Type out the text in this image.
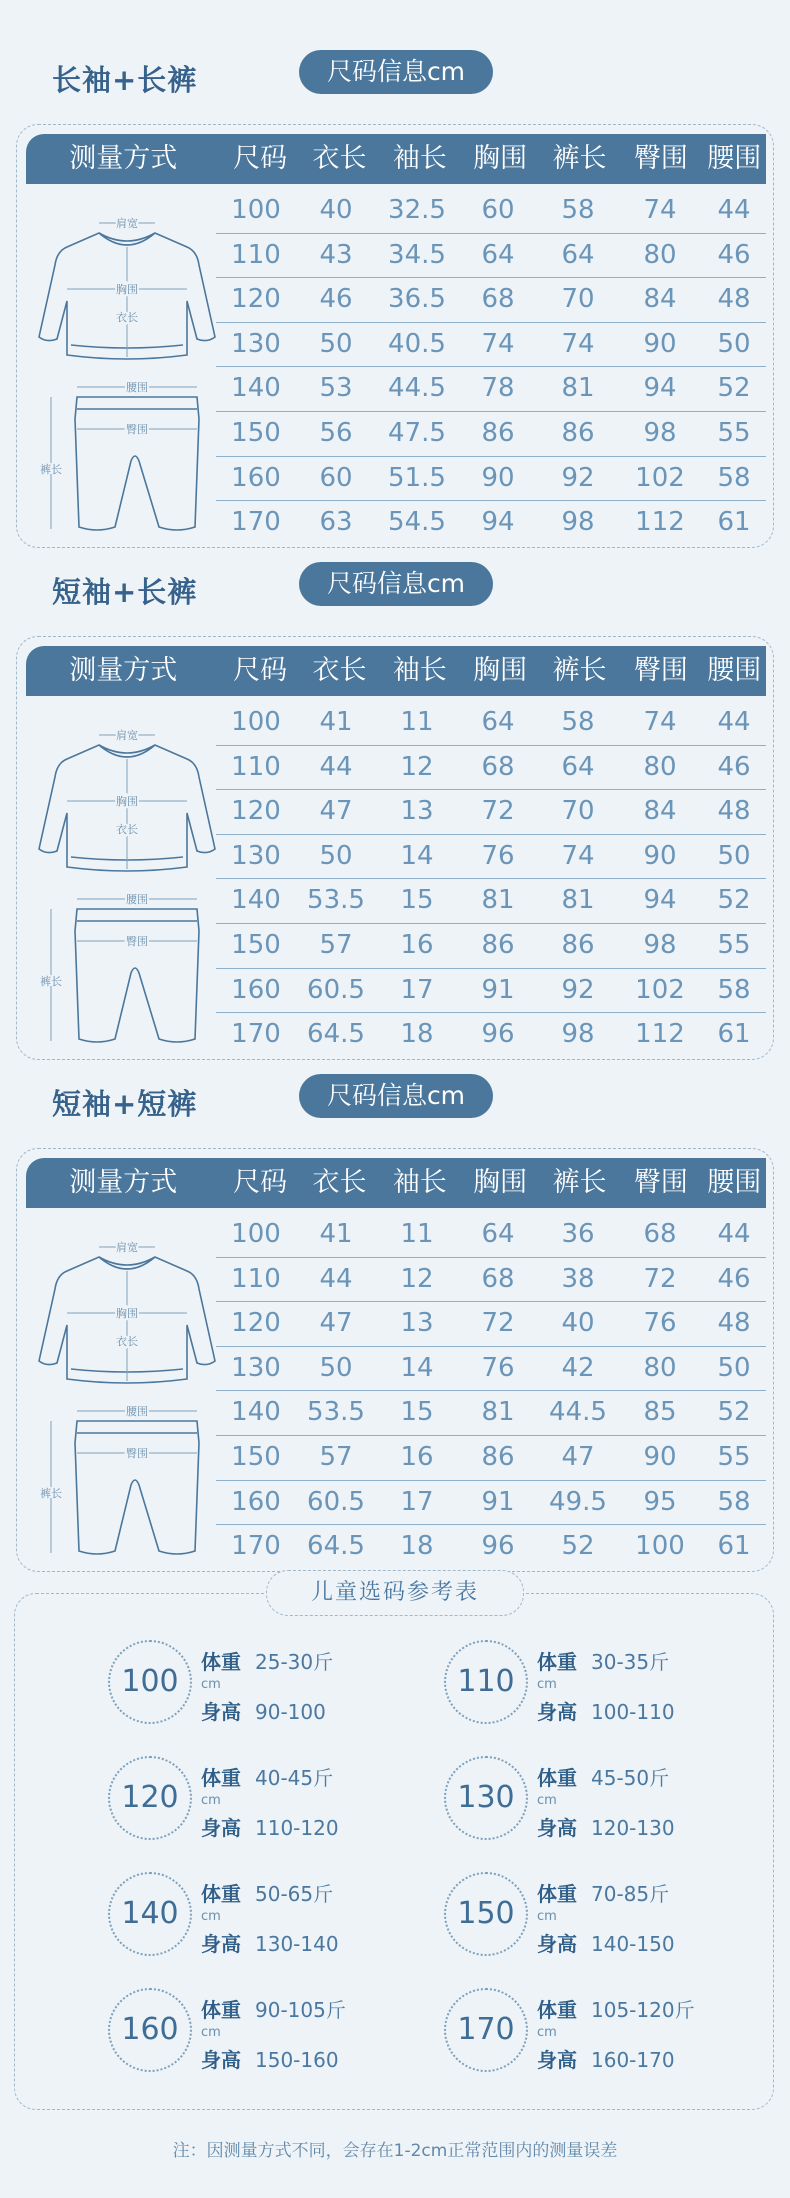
长袖+长裤	尺码信息cm
测量方式	尺码 衣长 袖长 胸围 裤长	臀围 腰围
肩宽
胸围
衣长
腰围
臀围
裤长
100	40	32.5	60	58	74	44
110	43	34.5	64	64	80	46
120	46	36.5	68	70	84	48
130	50	40.5	74	74	90	50
140	53	44.5	78	81	94	52
150	56	47.5	86	86	98	55
160	60	51.5	90	92	102	58
170	63	54.5	94	98	112	61
短袖+长裤	尺码信息cm
测量方式	尺码 衣长 袖长 胸围 裤长	臀围 腰围
肩宽
胸围
衣长
腰围
臀围
裤长
100	41	11	64	58	74	44
110	44	12	68	64	80	46
120	47	13	72	70	84	48
130	50	14	76	74	90	50
140	53.5	15	81	81	94	52
150	57	16	86	86	98	55
160	60.5	17	91	92	102	58
170	64.5	18	96	98	112	61
短袖+短裤	尺码信息cm
测量方式	尺码 衣长 袖长 胸围 裤长	臀围 腰围
肩宽
胸围
衣长
腰围
臀围
裤长
100	41	11	64	36	68	44
110	44	12	68	38	72	46
120	47	13	72	40	76	48
130	50	14	76	42	80	50
140	53.5	15	81	44.5	85	52
150	57	16	86	47	90	55
160	60.5	17	91	49.5	95	58
170	64.5	18	96	52	100	61
儿童选码参考表
100
体重 25-30斤
cm
身高 90-100
110
体重 30-35斤
cm
身高 100-110
120
体重 40-45斤
cm
身高 110-120
130
体重 45-50斤
cm
身高 120-130
140
体重 50-65斤
cm
身高 130-140
150
体重 70-85斤
cm
身高 140-150
160
体重 90-105斤
cm
身高 150-160
170
体重 105-120斤
cm
身高 160-170
注：因测量方式不同，会存在1-2cm正常范围内的测量误差
